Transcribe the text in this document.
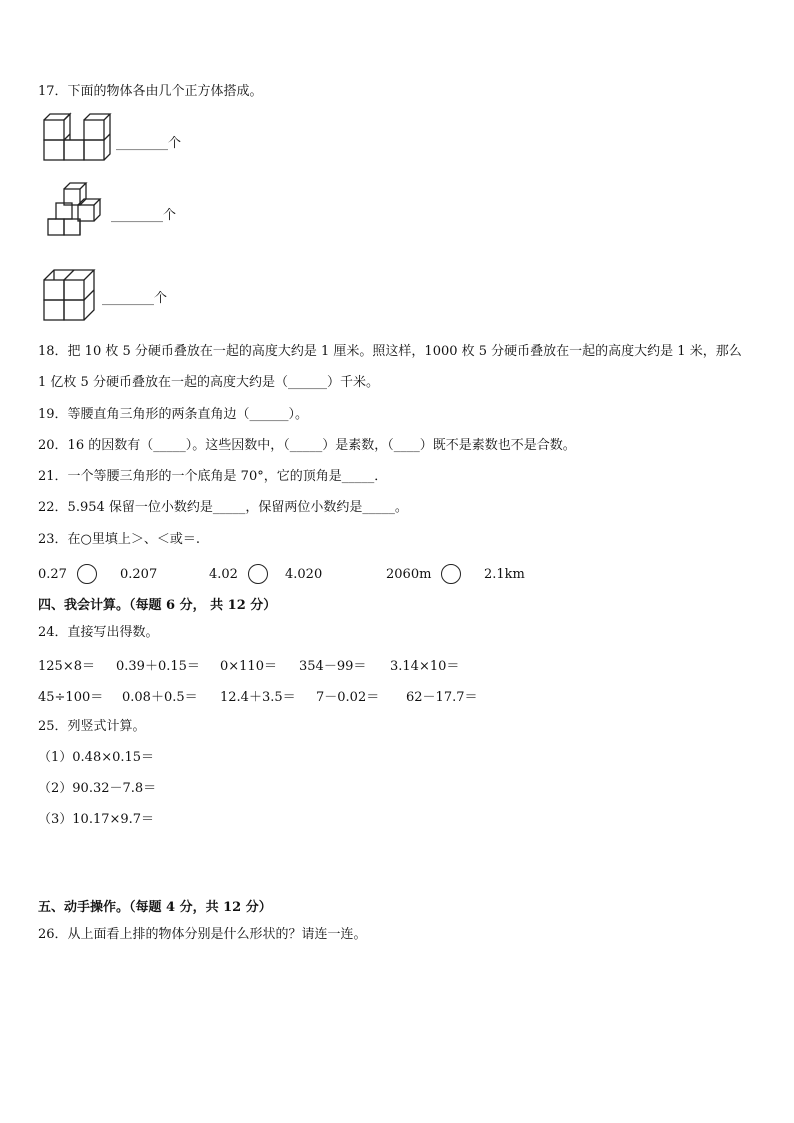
17．下面的物体各由几个正方体搭成。
________个
________个
________个
18．把 10 枚 5 分硬币叠放在一起的高度大约是 1 厘米。照这样，1000 枚 5 分硬币叠放在一起的高度大约是 1 米，那么
1 亿枚 5 分硬币叠放在一起的高度大约是（______）千米。
19．等腰直角三角形的两条直角边（______）。
20．16 的因数有（_____）。这些因数中，（_____）是素数，（____）既不是素数也不是合数。
21．一个等腰三角形的一个底角是 70°，它的顶角是_____．
22．5.954 保留一位小数约是_____，保留两位小数约是_____。
23．在○里填上＞、＜或＝.
0.27	0.207	4.02	4.020	2060m	2.1km
四、我会计算。（每题 6 分， 共 12 分）
24．直接写出得数。
125×8＝ 0.39＋0.15＝ 0×110＝ 354－99＝ 3.14×10＝
45÷100＝ 0.08＋0.5＝ 12.4＋3.5＝ 7－0.02＝ 62－17.7＝
25．列竖式计算。
（1）0.48×0.15＝
（2）90.32－7.8＝
（3）10.17×9.7＝
五、动手操作。（每题 4 分，共 12 分）
26．从上面看上排的物体分别是什么形状的？请连一连。
